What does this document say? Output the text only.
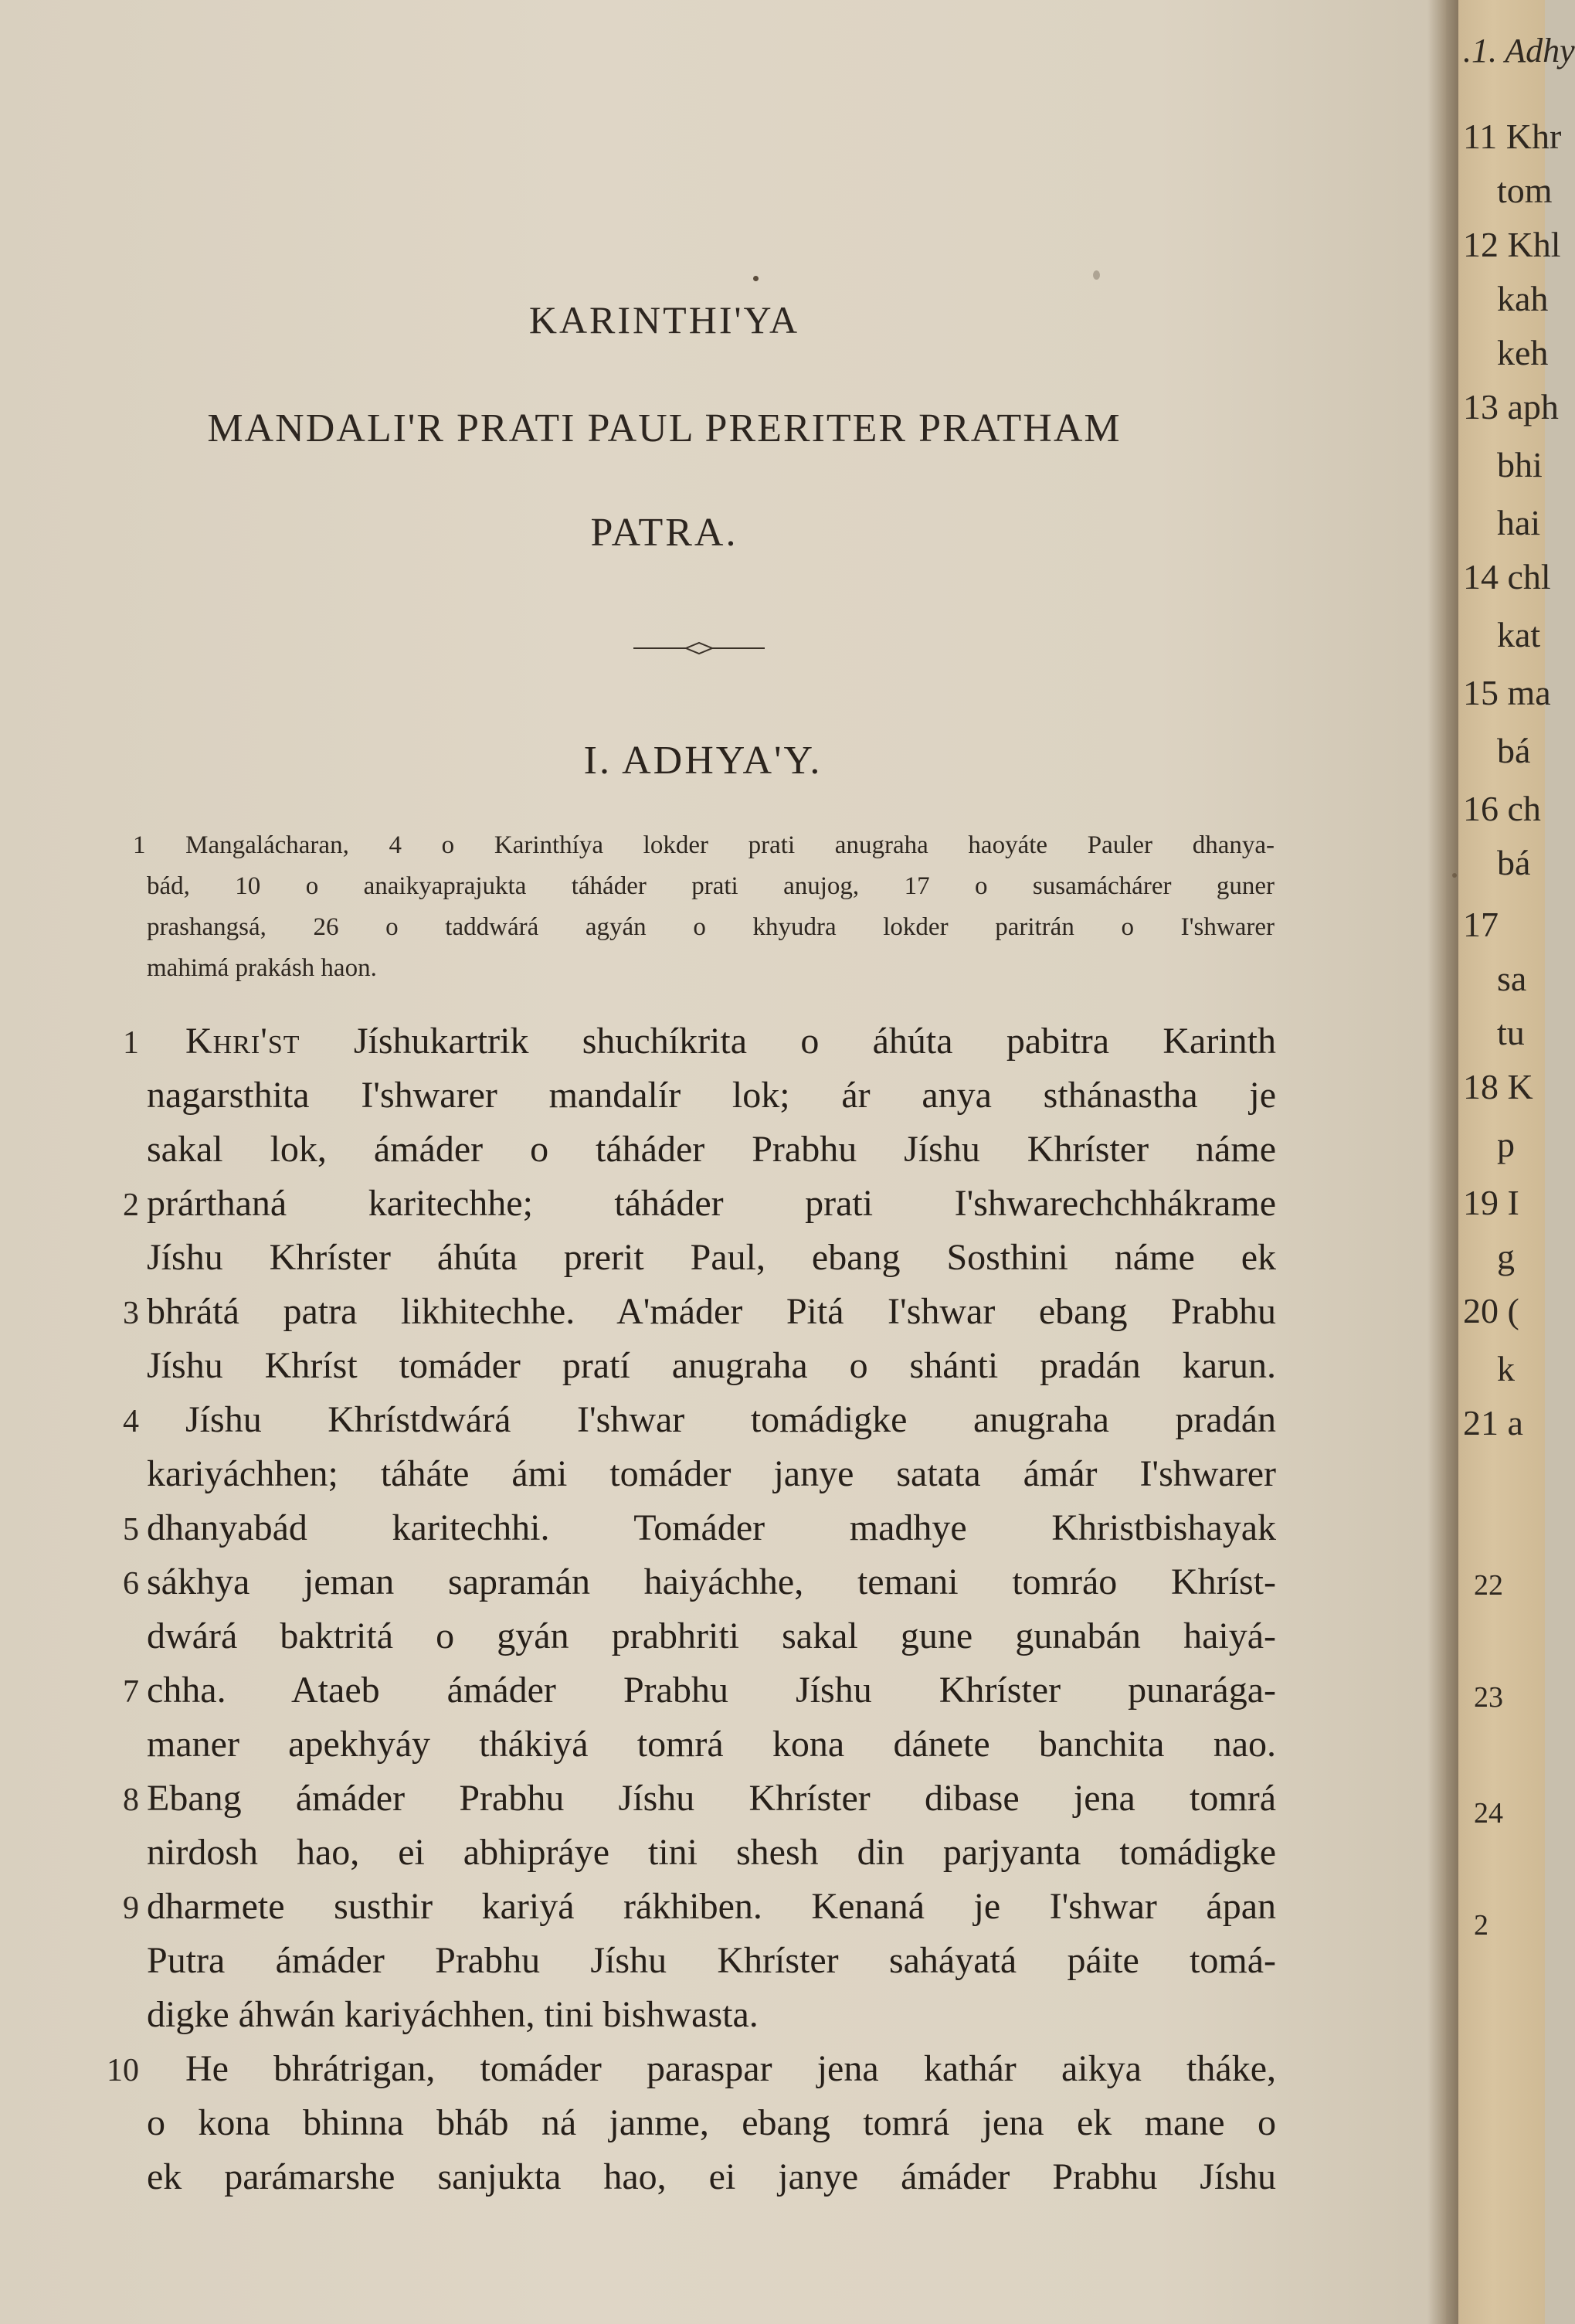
KARINTHI'YA
MANDALI'R PRATI PAUL PRERITER PRATHAM
PATRA.
I. ADHYA'Y.
1 Mangalácharan, 4 o Karinthíya lokder prati anugraha haoyáte Pauler dhanya-
bád, 10 o anaikyaprajukta táháder prati anujog, 17 o susamáchárer guner
prashangsá, 26 o taddwárá agyán o khyudra lokder paritrán o I'shwarer
mahimá prakásh haon.
1 Khri'st Jíshukartrik shuchíkrita o áhúta pabitra Karinth
nagarsthita I'shwarer mandalír lok; ár anya sthánastha je
sakal lok, ámáder o táháder Prabhu Jíshu Khríster náme
2 prárthaná karitechhe; táháder prati I'shwarechchhákrame
Jíshu Khríster áhúta prerit Paul, ebang Sosthini náme ek
3 bhrátá patra likhitechhe. A'máder Pitá I'shwar ebang Prabhu
Jíshu Khríst tomáder pratí anugraha o shánti pradán karun.
4 Jíshu Khrístdwárá I'shwar tomádigke anugraha pradán
kariyáchhen; táháte ámi tomáder janye satata ámár I'shwarer
5 dhanyabád karitechhi. Tomáder madhye Khristbishayak
6 sákhya jeman sapramán haiyáchhe, temani tomráo Khríst-
dwárá baktritá o gyán prabhriti sakal gune gunabán haiyá-
7 chha. Ataeb ámáder Prabhu Jíshu Khríster punarága-
maner apekhyáy thákiyá tomrá kona dánete banchita nao.
8 Ebang ámáder Prabhu Jíshu Khríster dibase jena tomrá
nirdosh hao, ei abhipráye tini shesh din parjyanta tomádigke
9 dharmete susthir kariyá rákhiben. Kenaná je I'shwar ápan
Putra ámáder Prabhu Jíshu Khríster saháyatá páite tomá-
digke áhwán kariyáchhen, tini bishwasta.
10 He bhrátrigan, tomáder paraspar jena kathár aikya tháke,
o kona bhinna bháb ná janme, ebang tomrá jena ek mane o
ek parámarshe sanjukta hao, ei janye ámáder Prabhu Jíshu
.1. Adhy
11 Khr
tom
12 Khl
kah
keh
13 aph
bhi
hai
14 chl
kat
15 ma
bá
16 ch
bá
17
sa
tu
18 K
p
19 I
g
20 (
k
21 a
22
23
24
2
